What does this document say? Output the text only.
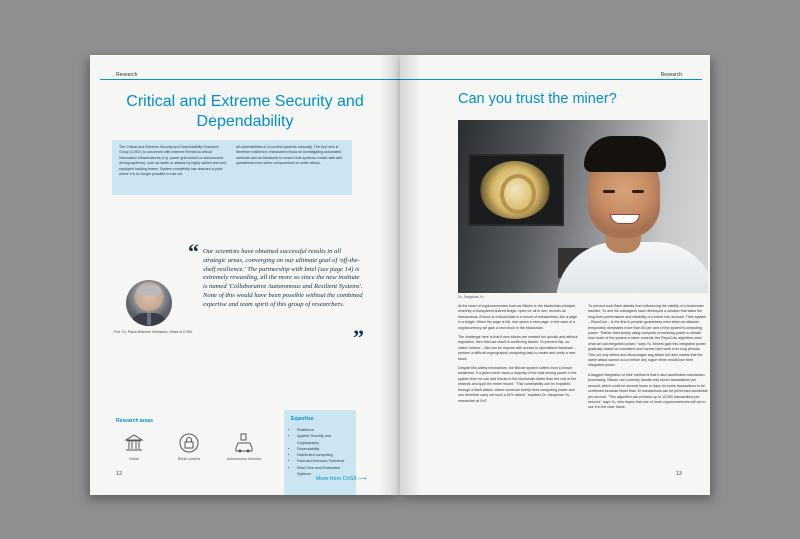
Research
Critical and Extreme Security and Dependability

The Critical and Extreme Security and Dependability Research Group (CriSX) is concerned with extreme threats to critical information infrastructures (e.g. power grid control or autonomous driving systems), such as faults or attacks by highly skilled and well-equipped hacking teams. System complexity has reached a point where it is no longer possible to rule out

all vulnerabilities or to protect systems manually. The key here is therefore resilience; researchers focus on investigating automated methods and architectures to ensure that systems remain safe and operational even when compromised or under attack.

Prof. Dr. Paulo Esteves Veríssimo, Head of CriSX
“ Our scientists have obtained successful results in all strategic areas, converging on our ultimate goal of 'off-the-shelf resilience.' The partnership with Intel (see page 14) is extremely rewarding, all the more so since the new institute is named 'Collaborative Autonomous and Resilient Systems'. None of this would have been possible without the combined expertise and team spirit of this group of researchers.
”
Research areas
Voltair	Blikkt Lazarila	Autonomous Vehicles
Expertise
• Resilience
• Applied Security and Cryptography
• Dependability
• Distributed computing
• Fault and Intrusion Tolerance
• Real-Time and Embedded Systems
More from CriSX ⟶
12
Research
Can you trust the miner?
Dr. Jiangshan Yu

At the heart of cryptocurrencies such as Bitcoin is the blockchain principle, whereby a transparent shared ledger, open for all to see, records all transactions. A block in a blockchain is a record of transactions, like a page in a ledger. When the page is full, one opens a new page. In the case of a cryptocurrency we gain a new block in the blockchain.

The challenge here is that if new blocks are created too quickly and without regulation, then this can result in conflicting blocks. To prevent this, so-called 'miners' – this can be anyone with access to specialised hardware – perform a difficult cryptographic computing task to create and verify a new block.

Despite this safety mechanism, the Bitcoin system suffers from a known weakness. If a given miner owns a majority of the total mining power in the system then he can add blocks to the blockchain faster than the rest of the network and spoil the entire record. "This vulnerability can be exploited through a flash attack, where someone briefly hires computing power and can therefore carry out such a 51% attack," explains Dr. Jiangshan Yu, researcher at SnT.

To prevent such flash attacks from influencing the validity of a blockchain transfer, Yu and his colleagues have developed a solution that takes the long-term performance and reliability of a miner into account. Their system – RepuCoin – is the first to provide guarantees even when an attacker temporarily dominates more than 50 per cent of the system's computing power. "Rather than simply using computer processing power to dictate how much of the system a miner controls, the RepuCoin algorithm uses what we call integrated power," says Yu. Miners gain this integrated power gradually based on consistent and honest hard work over long periods. This not only deters and discourages any attack but also means that the same attack cannot occur before any rogue miner would lose their integrated power.

A flagged integration of their method is that it also accelerates transaction processing. Bitcoin can currently handle only seven transactions per second, which could be several hours or days for some transactions to be confirmed because fewer than 10 transactions can be performed worldwide per second. "This algorithm can process up to 10,000 transactions per second," says Yu, who hopes that one or more cryptocurrencies will opt to use it in the near future.

13
